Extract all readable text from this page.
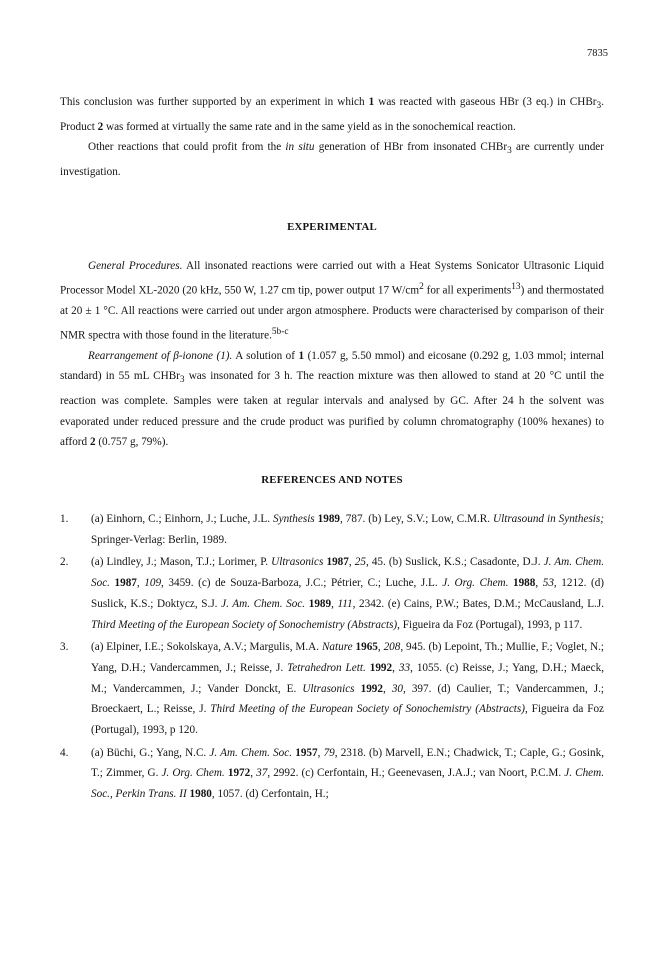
7835

This conclusion was further supported by an experiment in which 1 was reacted with gaseous HBr (3 eq.) in CHBr$_3$. Product 2 was formed at virtually the same rate and in the same yield as in the sonochemical reaction.

Other reactions that could profit from the in situ generation of HBr from insonated CHBr$_3$ are currently under investigation.

EXPERIMENTAL

General Procedures. All insonated reactions were carried out with a Heat Systems Sonicator Ultrasonic Liquid Processor Model XL-2020 (20 kHz, 550 W, 1.27 cm tip, power output 17 $W/cm^2$ for all experiments$^{13}$) and thermostated at 20 ± 1 °C. All reactions were carried out under argon atmosphere. Products were characterised by comparison of their NMR spectra with those found in the literature.$^{5b-c}$

Rearrangement of β-ionone (1). A solution of 1 (1.057 g, 5.50 mmol) and eicosane (0.292 g, 1.03 mmol; internal standard) in 55 mL CHBr$_3$ was insonated for 3 h. The reaction mixture was then allowed to stand at 20 °C until the reaction was complete. Samples were taken at regular intervals and analysed by GC. After 24 h the solvent was evaporated under reduced pressure and the crude product was purified by column chromatography (100% hexanes) to afford 2 (0.757 g, 79%).

REFERENCES AND NOTES
1. (a) Einhorn, C.; Einhorn, J.; Luche, J.L. Synthesis 1989, 787. (b) Ley, S.V.; Low, C.M.R. Ultrasound in Synthesis; Springer-Verlag: Berlin, 1989.
2. (a) Lindley, J.; Mason, T.J.; Lorimer, P. Ultrasonics 1987, 25, 45. (b) Suslick, K.S.; Casadonte, D.J. J. Am. Chem. Soc. 1987, 109, 3459. (c) de Souza-Barboza, J.C.; Pétrier, C.; Luche, J.L. J. Org. Chem. 1988, 53, 1212. (d) Suslick, K.S.; Doktycz, S.J. J. Am. Chem. Soc. 1989, 111, 2342. (e) Cains, P.W.; Bates, D.M.; McCausland, L.J. Third Meeting of the European Society of Sonochemistry (Abstracts), Figueira da Foz (Portugal), 1993, p 117.
3. (a) Elpiner, I.E.; Sokolskaya, A.V.; Margulis, M.A. Nature 1965, 208, 945. (b) Lepoint, Th.; Mullie, F.; Voglet, N.; Yang, D.H.; Vandercammen, J.; Reisse, J. Tetrahedron Lett. 1992, 33, 1055. (c) Reisse, J.; Yang, D.H.; Maeck, M.; Vandercammen, J.; Vander Donckt, E. Ultrasonics 1992, 30, 397. (d) Caulier, T.; Vandercammen, J.; Broeckaert, L.; Reisse, J. Third Meeting of the European Society of Sonochemistry (Abstracts), Figueira da Foz (Portugal), 1993, p 120.
4. (a) Büchi, G.; Yang, N.C. J. Am. Chem. Soc. 1957, 79, 2318. (b) Marvell, E.N.; Chadwick, T.; Caple, G.; Gosink, T.; Zimmer, G. J. Org. Chem. 1972, 37, 2992. (c) Cerfontain, H.; Geenevasen, J.A.J.; van Noort, P.C.M. J. Chem. Soc., Perkin Trans. II 1980, 1057. (d) Cerfontain, H.;
